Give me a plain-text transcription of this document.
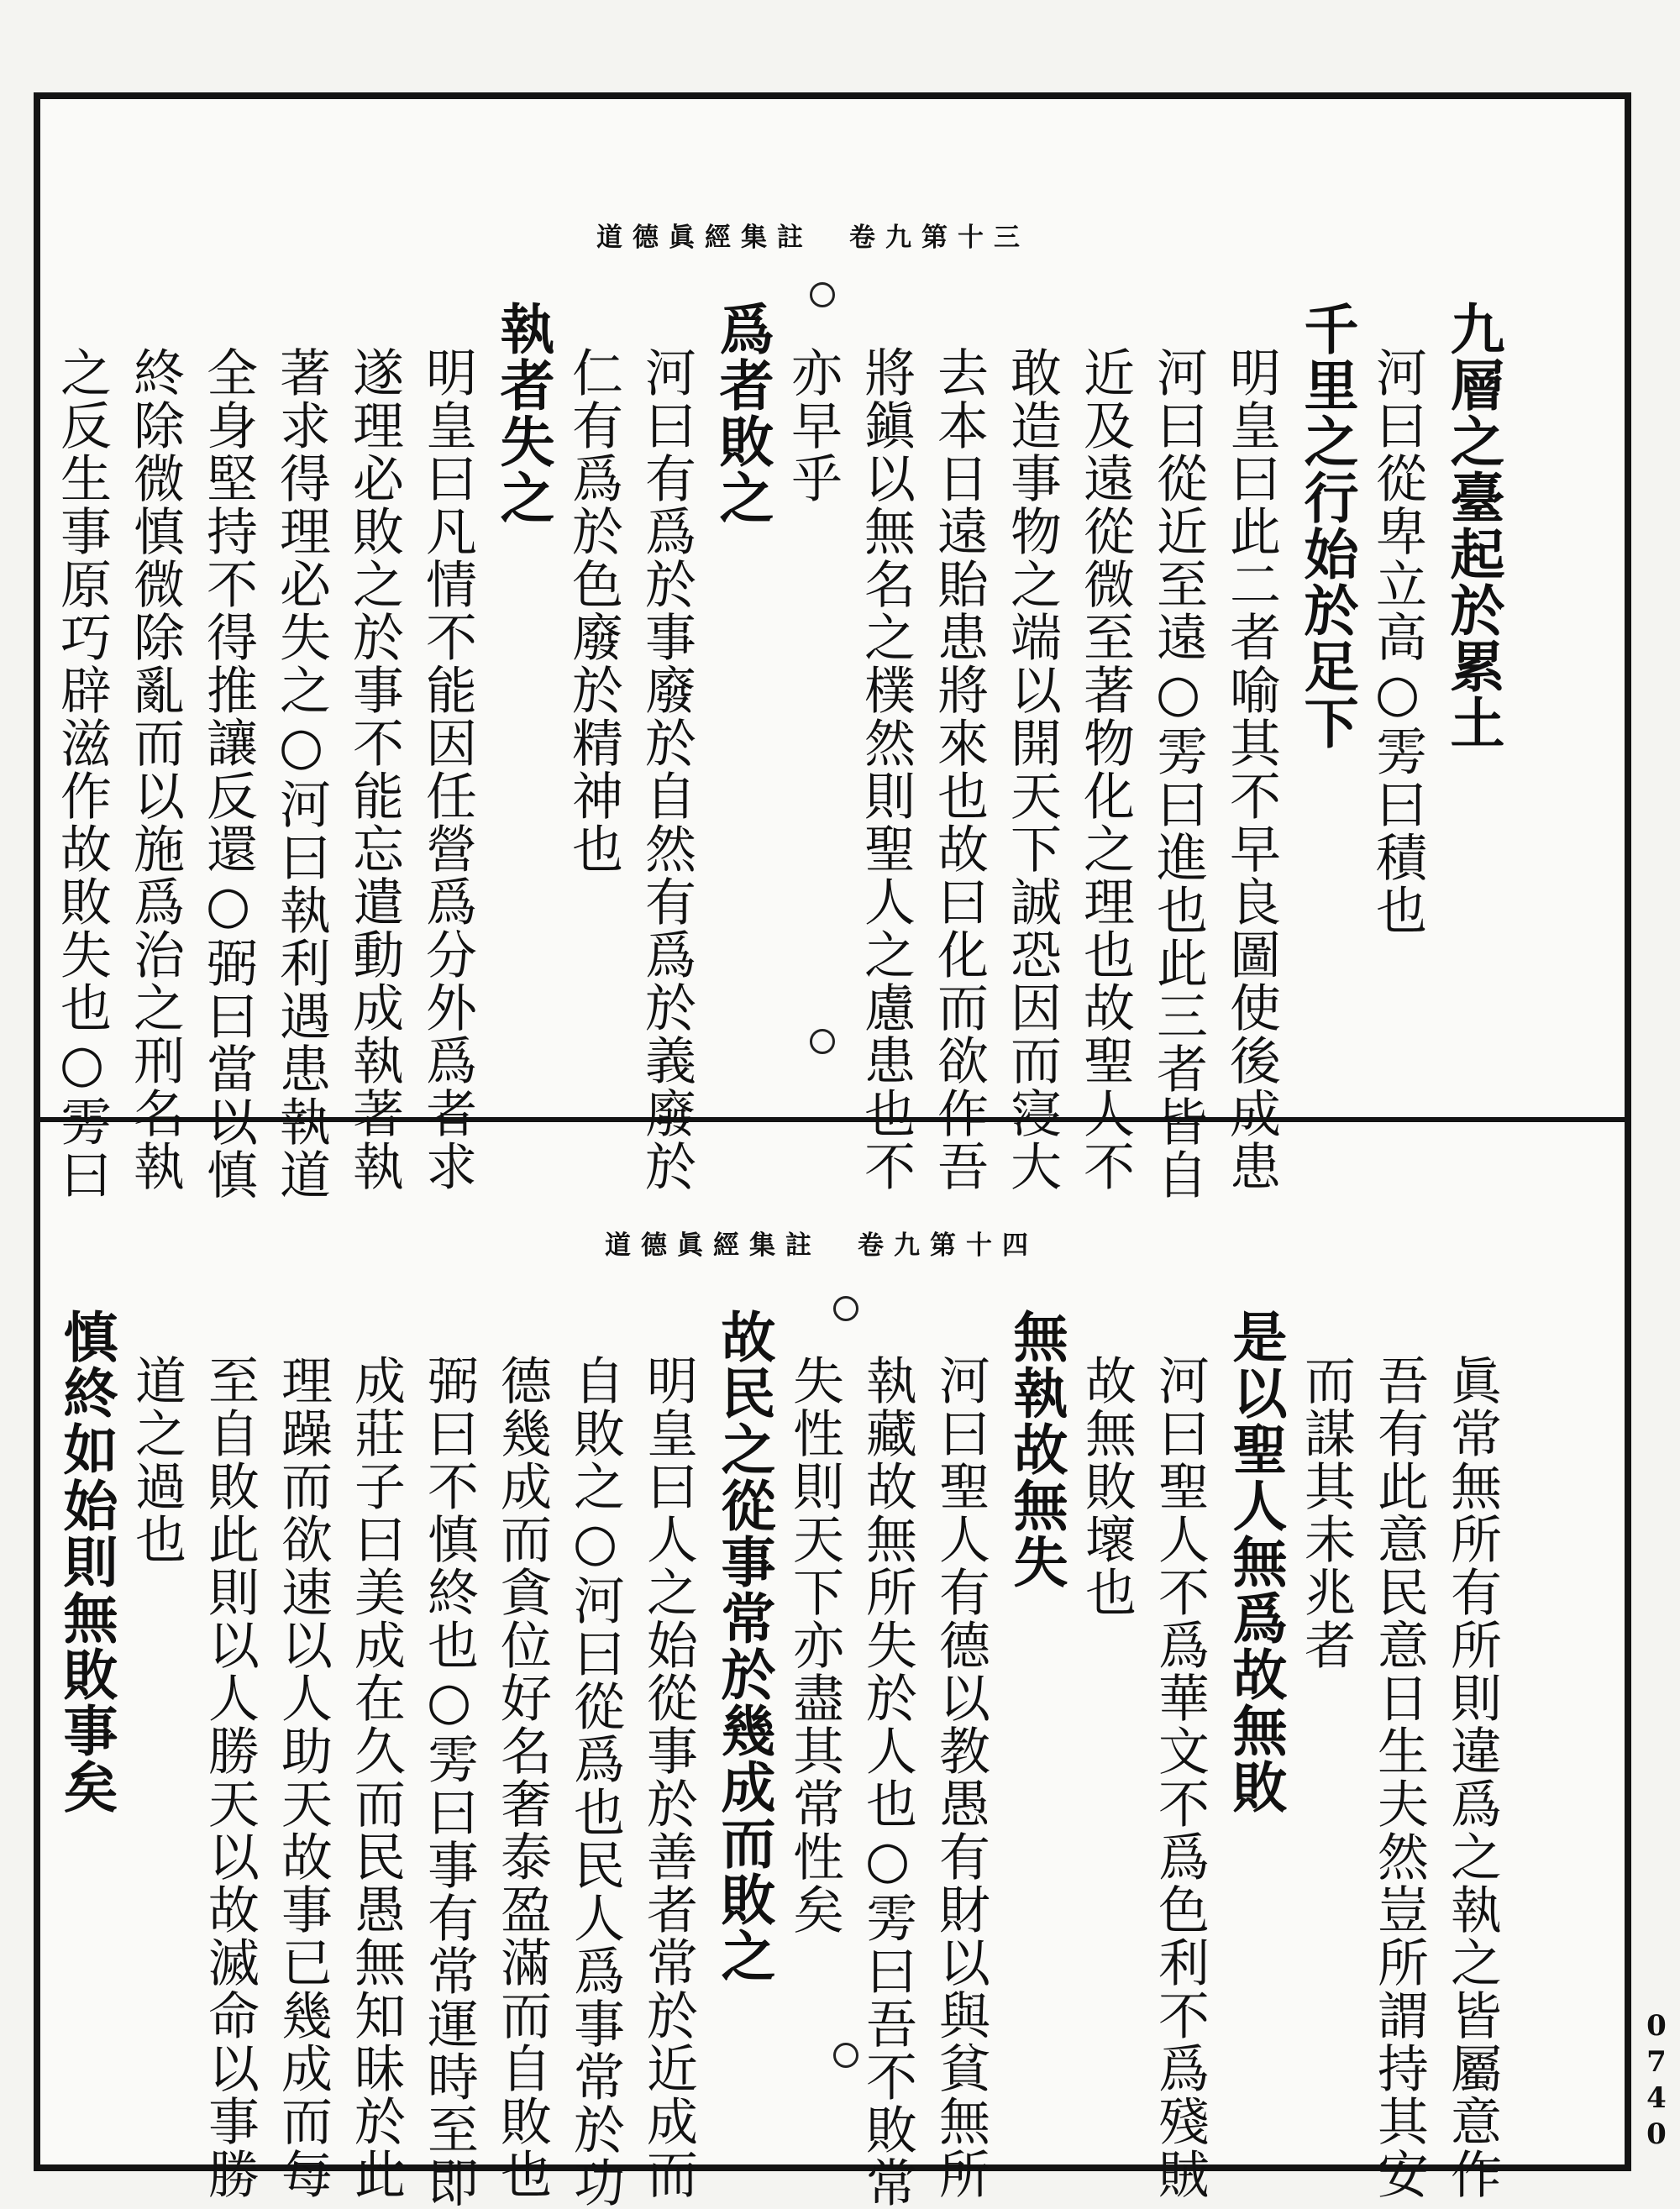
道德眞經集註　卷九第十三
道德眞經集註　卷九第十四
九層之臺起於累土
河曰從卑立高○雱曰積也
千里之行始於足下
明皇曰此二者喻其不早良圖使後成患
河曰從近至遠○雱曰進也此三者皆自
近及遠從微至著物化之理也故聖人不
敢造事物之端以開天下誠恐因而寖大
去本日遠貽患將來也故曰化而欲作吾
將鎭以無名之樸然則聖人之慮患也不
亦早乎
爲者敗之
河曰有爲於事廢於自然有爲於義廢於
仁有爲於色廢於精神也
執者失之
明皇曰凡情不能因任營爲分外爲者求
遂理必敗之於事不能忘遣動成執著執
著求得理必失之○河曰執利遇患執道
全身堅持不得推讓反還○弼曰當以慎
終除微慎微除亂而以施爲治之刑名執
之反生事原巧辟滋作故敗失也○雱曰
眞常無所有所則違爲之執之皆屬意作
吾有此意民意日生夫然豈所謂持其安
而謀其未兆者
是以聖人無爲故無敗
河曰聖人不爲華文不爲色利不爲殘賊
故無敗壞也
無執故無失
河曰聖人有德以教愚有財以與貧無所
執藏故無所失於人也○雱曰吾不敗常
失性則天下亦盡其常性矣
故民之從事常於幾成而敗之
明皇曰人之始從事於善者常於近成而
自敗之○河曰從爲也民人爲事常於功
德幾成而貪位好名奢泰盈滿而自敗也
弼曰不慎終也○雱曰事有常運時至即
成莊子曰美成在久而民愚無知昧於此
理躁而欲速以人助天故事已幾成而每
至自敗此則以人勝天以故滅命以事勝
道之過也
慎終如始則無敗事矣
0740
